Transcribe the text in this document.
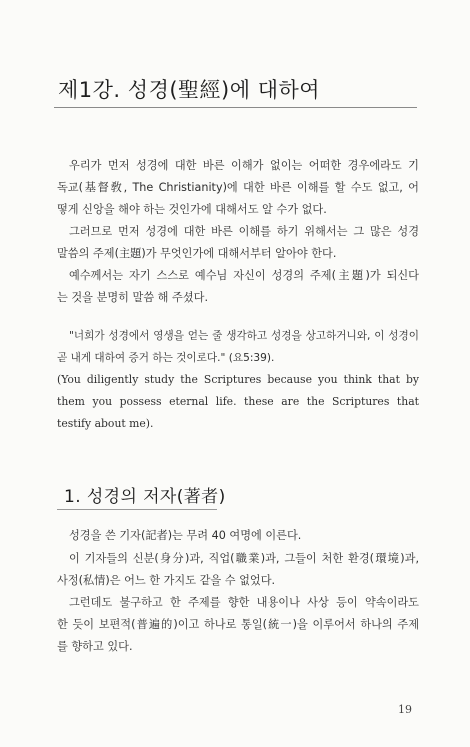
제1강. 성경(聖經)에 대하여
우리가 먼저 성경에 대한 바른 이해가 없이는 어떠한 경우에라도 기
독교(基督敎, The Christianity)에 대한 바른 이해를 할 수도 없고, 어
떻게 신앙을 해야 하는 것인가에 대해서도 알 수가 없다.
그러므로 먼저 성경에 대한 바른 이해를 하기 위해서는 그 많은 성경
말씀의 주제(主題)가 무엇인가에 대해서부터 알아야 한다.
예수께서는 자기 스스로 예수님 자신이 성경의 주제(主題)가 되신다
는 것을 분명히 말씀 해 주셨다.
"너희가 성경에서 영생을 얻는 줄 생각하고 성경을 상고하거니와, 이 성경이
곧 내게 대하여 증거 하는 것이로다." (요5:39).
(You diligently study the Scriptures because you think that by
them you possess eternal life. these are the Scriptures that
testify about me).
1. 성경의 저자(著者)
성경을 쓴 기자(記者)는 무려 40 여명에 이른다.
이 기자들의 신분(身分)과, 직업(職業)과, 그들이 처한 환경(環境)과,
사정(私情)은 어느 한 가지도 같을 수 없었다.
그런데도 불구하고 한 주제를 향한 내용이나 사상 등이 약속이라도
한 듯이 보편적(普遍的)이고 하나로 통일(統一)을 이루어서 하나의 주제
를 향하고 있다.
19
